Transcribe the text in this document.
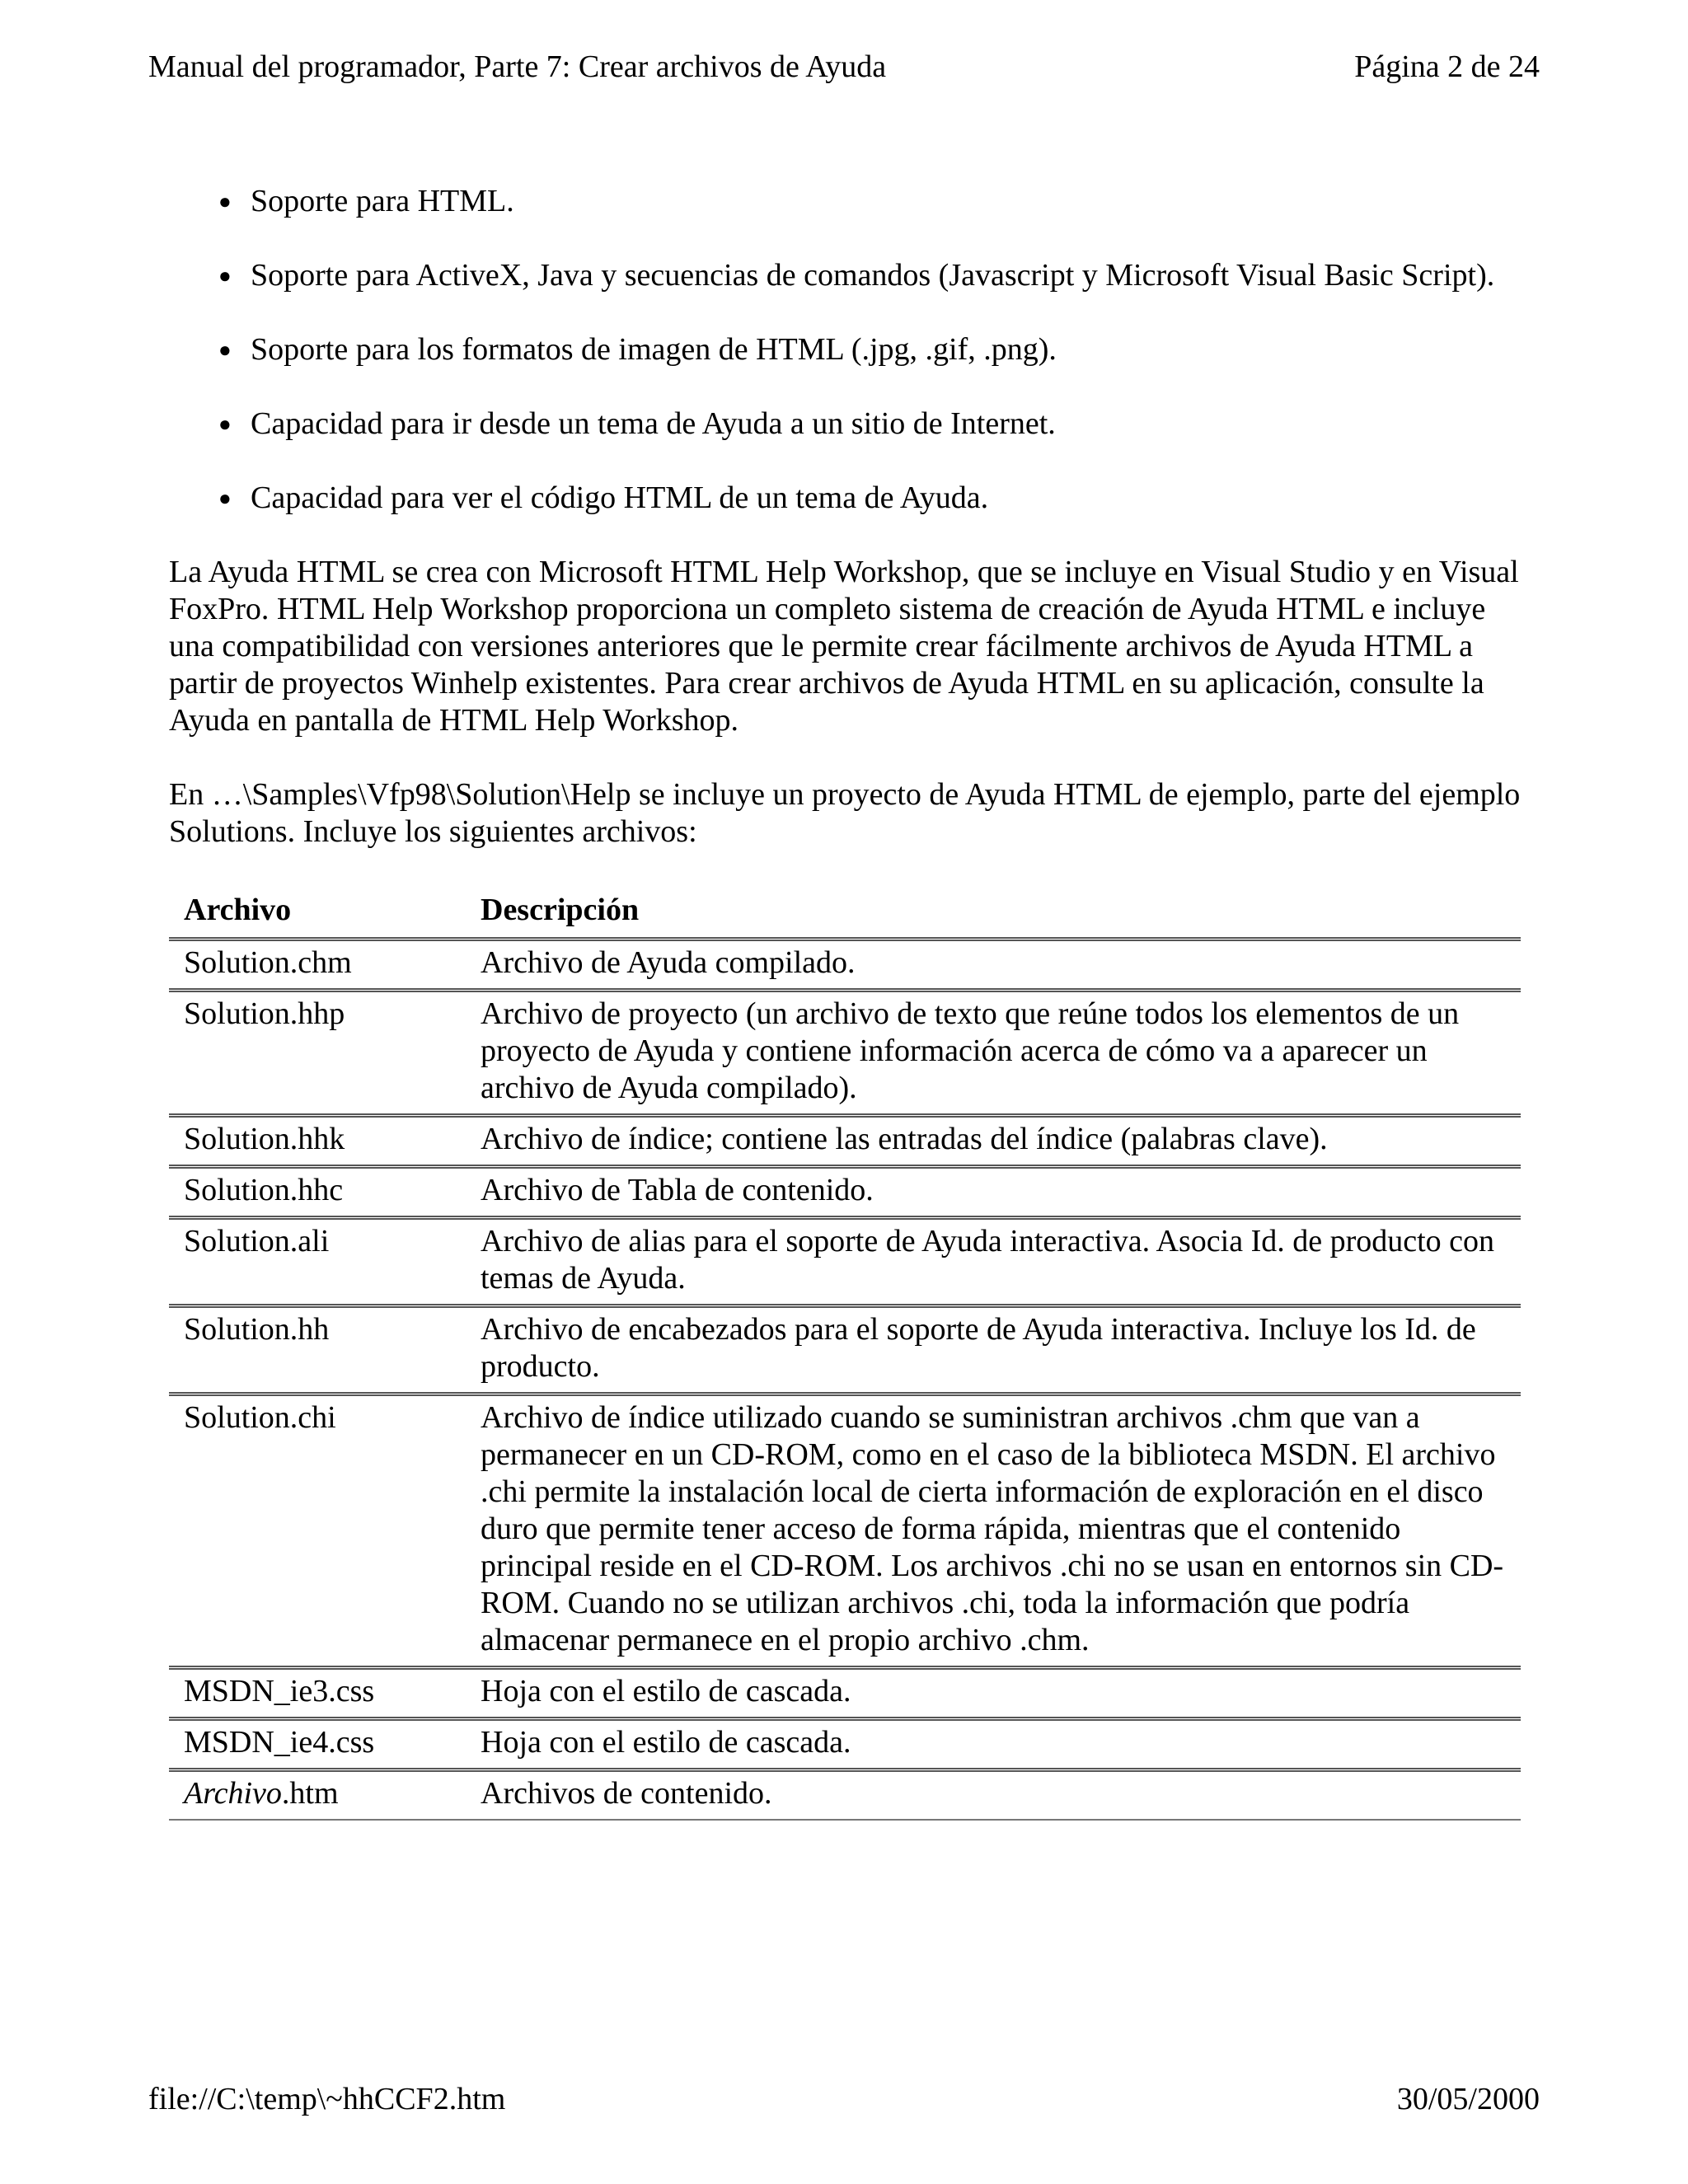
Manual del programador, Parte 7: Crear archivos de Ayuda	Página 2 de 24
● Soporte para HTML.
● Soporte para ActiveX, Java y secuencias de comandos (Javascript y Microsoft Visual Basic Script).
● Soporte para los formatos de imagen de HTML (.jpg, .gif, .png).
● Capacidad para ir desde un tema de Ayuda a un sitio de Internet.
● Capacidad para ver el código HTML de un tema de Ayuda.

La Ayuda HTML se crea con Microsoft HTML Help Workshop, que se incluye en Visual Studio y en Visual FoxPro. HTML Help Workshop proporciona un completo sistema de creación de Ayuda HTML e incluye una compatibilidad con versiones anteriores que le permite crear fácilmente archivos de Ayuda HTML a partir de proyectos Winhelp existentes. Para crear archivos de Ayuda HTML en su aplicación, consulte la Ayuda en pantalla de HTML Help Workshop.

En …\Samples\Vfp98\Solution\Help se incluye un proyecto de Ayuda HTML de ejemplo, parte del ejemplo Solutions. Incluye los siguientes archivos:

Archivo	Descripción
Solution.chm	Archivo de Ayuda compilado.
Solution.hhp	Archivo de proyecto (un archivo de texto que reúne todos los elementos de un proyecto de Ayuda y contiene información acerca de cómo va a aparecer un archivo de Ayuda compilado).
Solution.hhk	Archivo de índice; contiene las entradas del índice (palabras clave).
Solution.hhc	Archivo de Tabla de contenido.
Solution.ali	Archivo de alias para el soporte de Ayuda interactiva. Asocia Id. de producto con temas de Ayuda.
Solution.hh	Archivo de encabezados para el soporte de Ayuda interactiva. Incluye los Id. de producto.
Solution.chi	Archivo de índice utilizado cuando se suministran archivos .chm que van a permanecer en un CD-ROM, como en el caso de la biblioteca MSDN. El archivo .chi permite la instalación local de cierta información de exploración en el disco duro que permite tener acceso de forma rápida, mientras que el contenido principal reside en el CD-ROM. Los archivos .chi no se usan en entornos sin CD-ROM. Cuando no se utilizan archivos .chi, toda la información que podría almacenar permanece en el propio archivo .chm.
MSDN_ie3.css	Hoja con el estilo de cascada.
MSDN_ie4.css	Hoja con el estilo de cascada.
Archivo.htm	Archivos de contenido.
file://C:\temp\~hhCCF2.htm	30/05/2000
